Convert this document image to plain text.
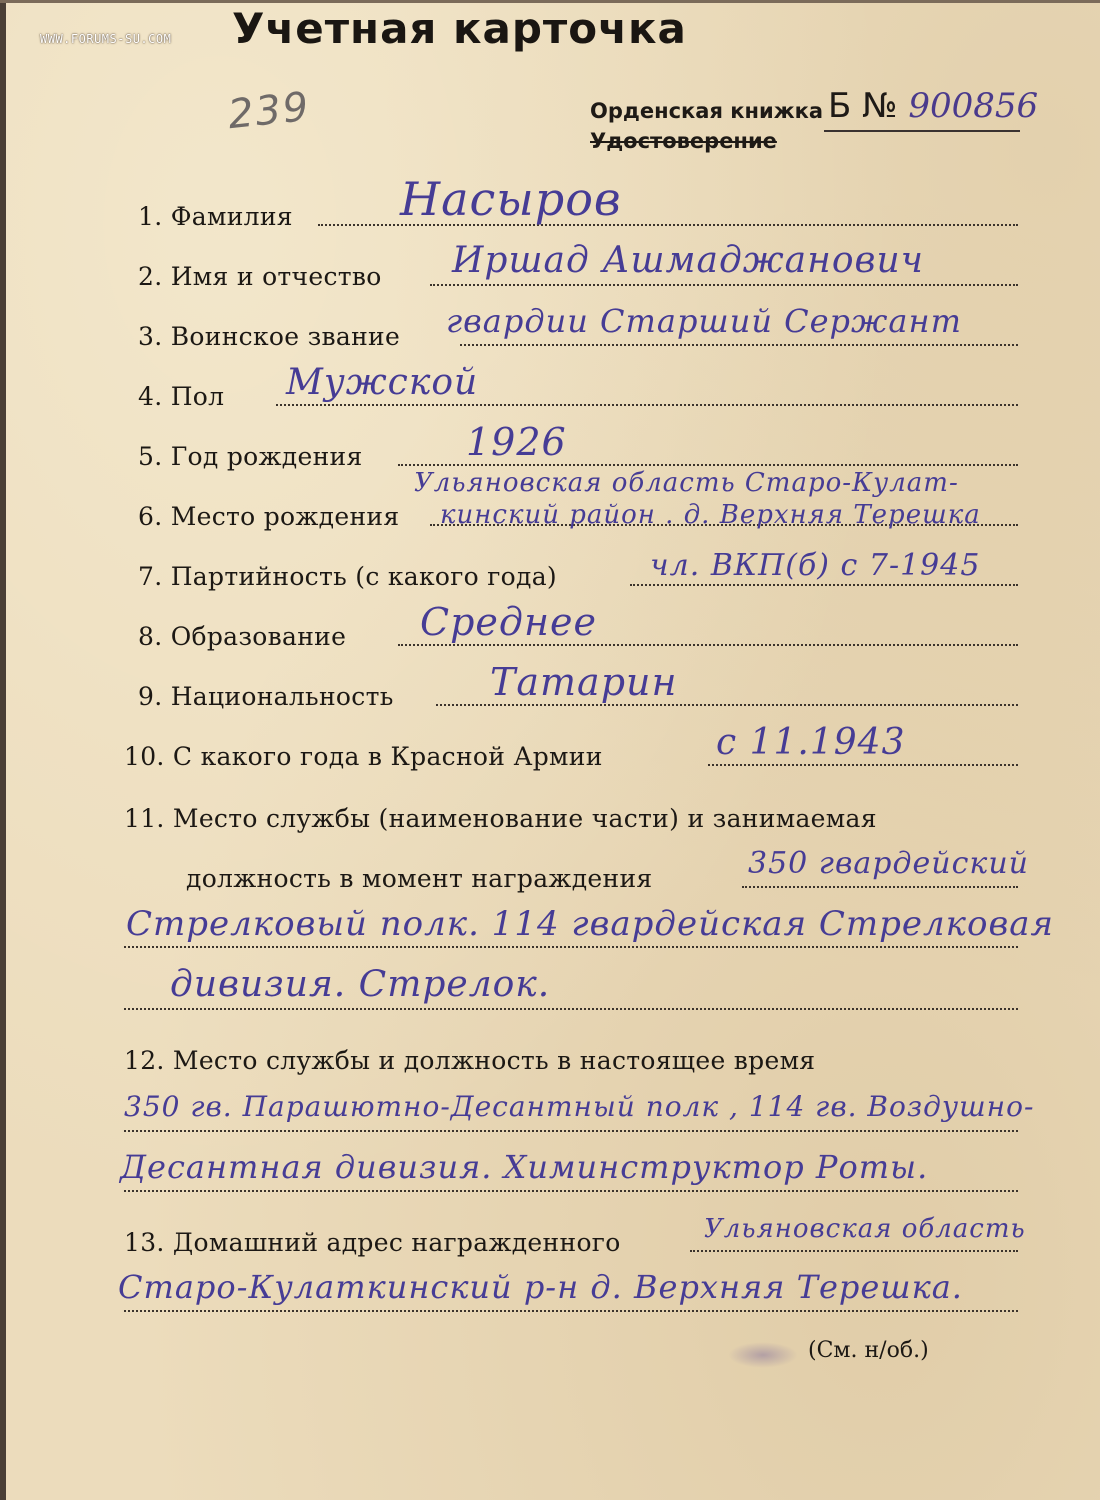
WWW.FORUMS-SU.COM Учетная карточка
239	Орденская книжка
Удостоверение
Б № 900856
1. Фамилия Насыров
2. Имя и отчество Иршад Ашмаджанович
3. Воинское звание гвардии Старший Сержант
4. Пол Мужской
5. Год рождения	1926
6. Место рождения
Ульяновская область Старо-Кулат-
кинский район . д. Верхняя Терешка
7. Партийность (с какого года)	чл. ВКП(б) с 7-1945
8. Образование Среднее
9. Национальность	Татарин
10. С какого года в Красной Армии	с 11.1943
11. Место службы (наименование части) и занимаемая
должность в момент награждения	350 гвардейский
Стрелковый полк. 114 гвардейская Стрелковая
дивизия. Стрелок.
12. Место службы и должность в настоящее время
350 гв. Парашютно-Десантный полк , 114 гв. Воздушно-
Десантная дивизия. Химинструктор Роты.
13. Домашний адрес награжденного	Ульяновская область
Старо-Кулаткинский р-н д. Верхняя Терешка.
(См. н/об.)
